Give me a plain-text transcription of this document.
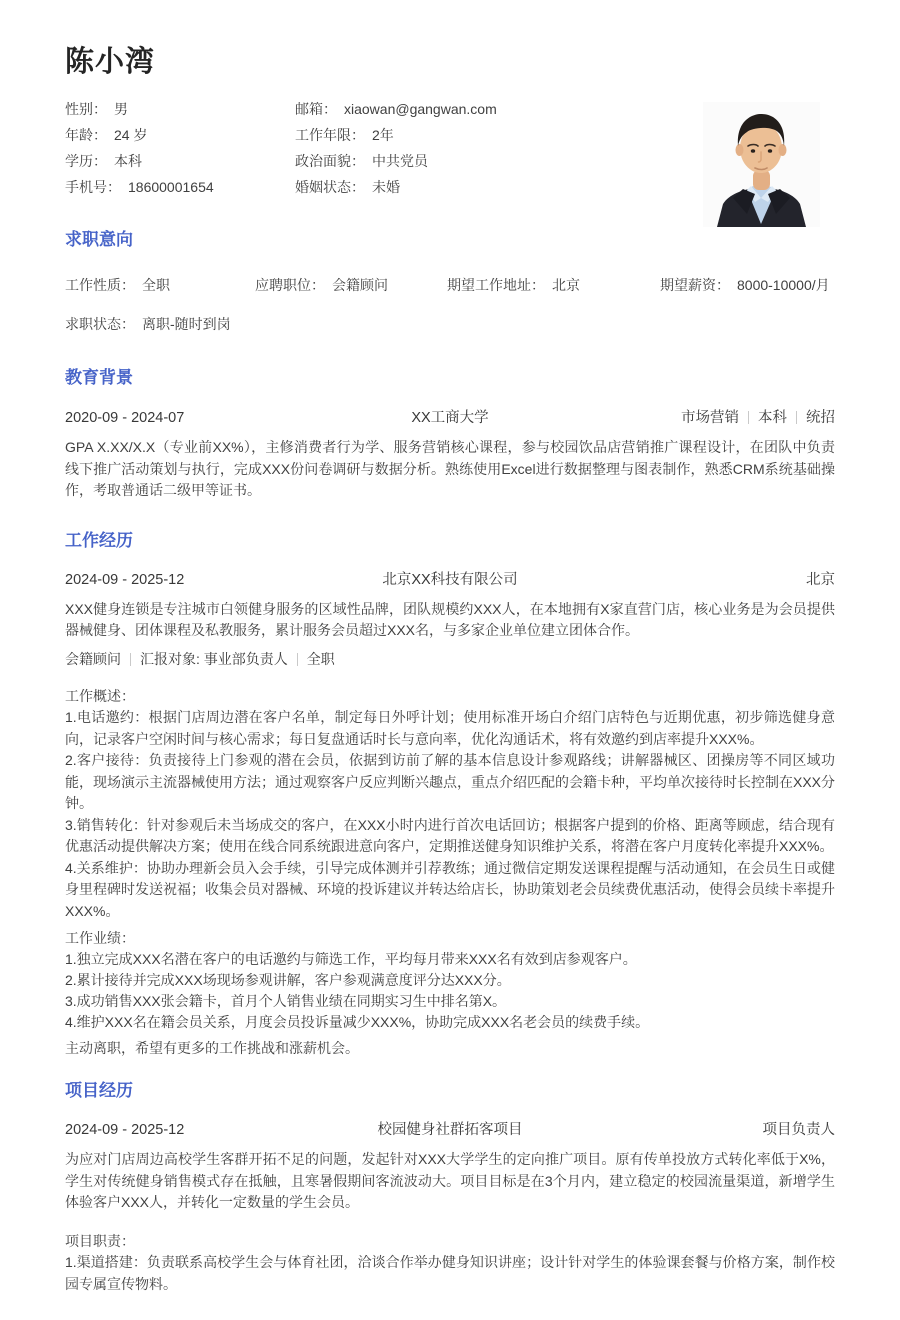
陈小湾
性别： 男	邮箱： xiaowan@gangwan.com
年龄： 24 岁	工作年限： 2年
学历： 本科	政治面貌： 中共党员
手机号： 18600001654	婚姻状态： 未婚
求职意向
工作性质： 全职	应聘职位： 会籍顾问	期望工作地址： 北京	期望薪资： 8000-10000/月
求职状态： 离职-随时到岗
教育背景
2020-09 - 2024-07	XX工商大学	市场营销 本科 统招

GPA X.XX/X.X（专业前XX%），主修消费者行为学、服务营销核心课程，参与校园饮品店营销推广课程设计，在团队中负责线下推广活动策划与执行，完成XXX份问卷调研与数据分析。熟练使用Excel进行数据整理与图表制作，熟悉CRM系统基础操作，考取普通话二级甲等证书。

工作经历
2024-09 - 2025-12	北京XX科技有限公司	北京

XXX健身连锁是专注城市白领健身服务的区域性品牌，团队规模约XXX人，在本地拥有X家直营门店，核心业务是为会员提供器械健身、团体课程及私教服务，累计服务会员超过XXX名，与多家企业单位建立团体合作。

会籍顾问 汇报对象: 事业部负责人 全职
工作概述：
1.电话邀约：根据门店周边潜在客户名单，制定每日外呼计划；使用标准开场白介绍门店特色与近期优惠，初步筛选健身意向，记录客户空闲时间与核心需求；每日复盘通话时长与意向率，优化沟通话术，将有效邀约到店率提升XXX%。
2.客户接待：负责接待上门参观的潜在会员，依据到访前了解的基本信息设计参观路线；讲解器械区、团操房等不同区域功能，现场演示主流器械使用方法；通过观察客户反应判断兴趣点，重点介绍匹配的会籍卡种，平均单次接待时长控制在XXX分钟。
3.销售转化：针对参观后未当场成交的客户，在XXX小时内进行首次电话回访；根据客户提到的价格、距离等顾虑，结合现有优惠活动提供解决方案；使用在线合同系统跟进意向客户，定期推送健身知识维护关系，将潜在客户月度转化率提升XXX%。
4.关系维护：协助办理新会员入会手续，引导完成体测并引荐教练；通过微信定期发送课程提醒与活动通知，在会员生日或健身里程碑时发送祝福；收集会员对器械、环境的投诉建议并转达给店长，协助策划老会员续费优惠活动，使得会员续卡率提升XXX%。
工作业绩：
1.独立完成XXX名潜在客户的电话邀约与筛选工作，平均每月带来XXX名有效到店参观客户。
2.累计接待并完成XXX场现场参观讲解，客户参观满意度评分达XXX分。
3.成功销售XXX张会籍卡，首月个人销售业绩在同期实习生中排名第X。
4.维护XXX名在籍会员关系，月度会员投诉量减少XXX%，协助完成XXX名老会员的续费手续。
主动离职，希望有更多的工作挑战和涨薪机会。
项目经历
2024-09 - 2025-12	校园健身社群拓客项目	项目负责人

为应对门店周边高校学生客群开拓不足的问题，发起针对XXX大学学生的定向推广项目。原有传单投放方式转化率低于X%，学生对传统健身销售模式存在抵触，且寒暑假期间客流波动大。项目目标是在3个月内，建立稳定的校园流量渠道，新增学生体验客户XXX人，并转化一定数量的学生会员。

项目职责：
1.渠道搭建：负责联系高校学生会与体育社团，洽谈合作举办健身知识讲座；设计针对学生的体验课套餐与价格方案，制作校园专属宣传物料。
